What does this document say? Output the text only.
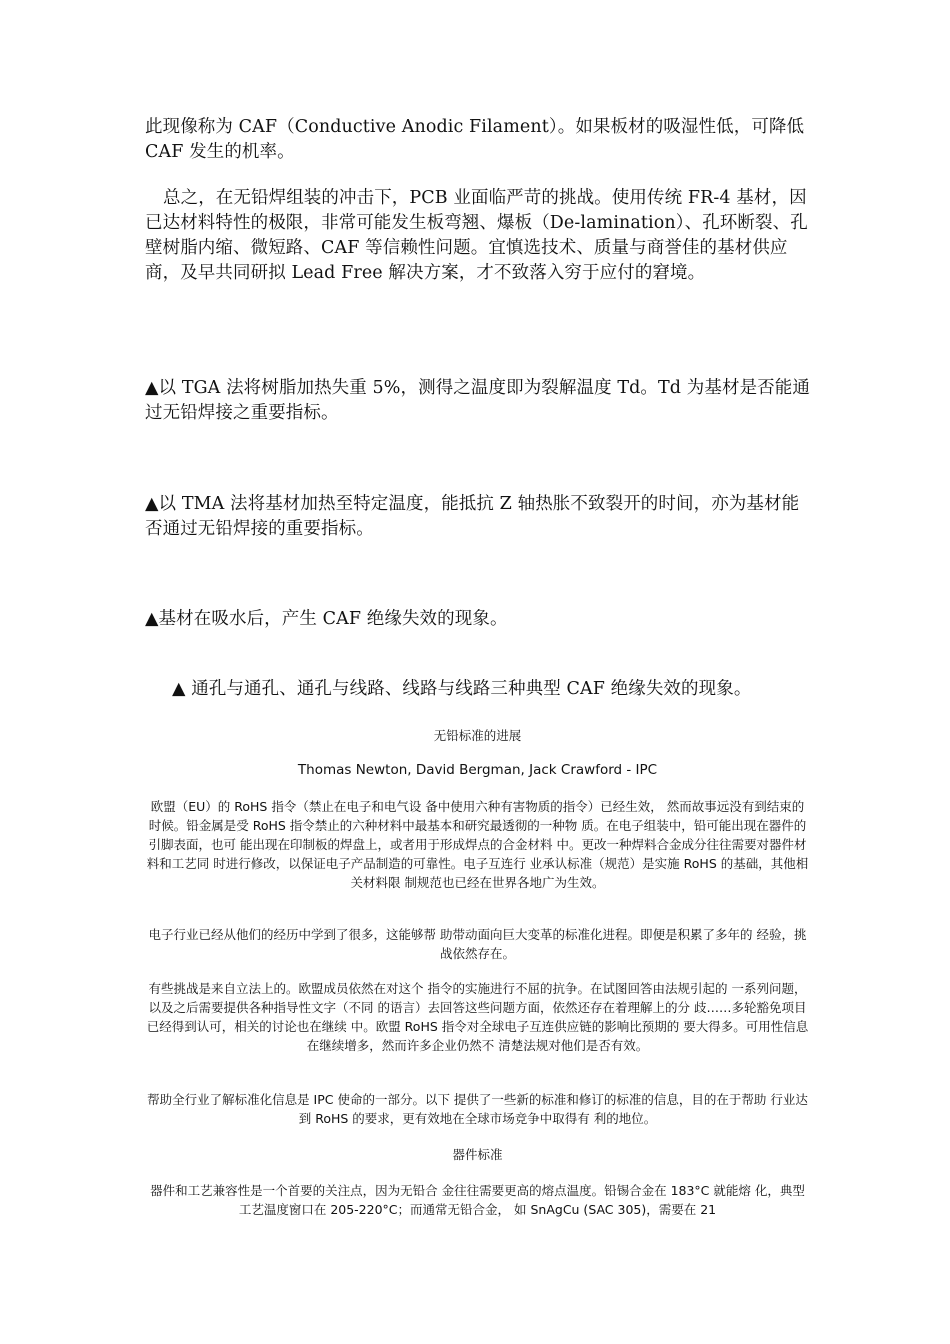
此现像称为 CAF（Conductive Anodic Filament）。如果板材的吸湿性低，可降低 CAF 发生的机率。

总之，在无铅焊组装的冲击下，PCB 业面临严苛的挑战。使用传统 FR-4 基材，因已达材料特性的极限，非常可能发生板弯翘、爆板（De-lamination）、孔环断裂、孔壁树脂内缩、微短路、CAF 等信赖性问题。宜慎选技术、质量与商誉佳的基材供应商，及早共同研拟 Lead Free 解决方案，才不致落入穷于应付的窘境。

▲以 TGA 法将树脂加热失重 5%，测得之温度即为裂解温度 Td。Td 为基材是否能通过无铅焊接之重要指标。

▲以 TMA 法将基材加热至特定温度，能抵抗 Z 轴热胀不致裂开的时间，亦为基材能否通过无铅焊接的重要指标。

▲基材在吸水后，产生 CAF 绝缘失效的现象。

▲ 通孔与通孔、通孔与线路、线路与线路三种典型 CAF 绝缘失效的现象。

无铅标准的进展

Thomas Newton, David Bergman, Jack Crawford - IPC

欧盟（EU）的 RoHS 指令（禁止在电子和电气设 备中使用六种有害物质的指令）已经生效， 然而故事远没有到结束的时候。铅金属是受 RoHS 指令禁止的六种材料中最基本和研究最透彻的一种物 质。在电子组装中，铅可能出现在器件的引脚表面，也可 能出现在印制板的焊盘上，或者用于形成焊点的合金材料 中。更改一种焊料合金成分往往需要对器件材料和工艺同 时进行修改，以保证电子产品制造的可靠性。电子互连行 业承认标准（规范）是实施 RoHS 的基础，其他相关材料限 制规范也已经在世界各地广为生效。

电子行业已经从他们的经历中学到了很多，这能够帮 助带动面向巨大变革的标准化进程。即便是积累了多年的 经验，挑战依然存在。

有些挑战是来自立法上的。欧盟成员依然在对这个 指令的实施进行不屈的抗争。在试图回答由法规引起的 一系列问题，以及之后需要提供各种指导性文字（不同 的语言）去回答这些问题方面，依然还存在着理解上的分 歧……多轮豁免项目已经得到认可，相关的讨论也在继续 中。欧盟 RoHS 指令对全球电子互连供应链的影响比预期的 要大得多。可用性信息在继续增多，然而许多企业仍然不 清楚法规对他们是否有效。

帮助全行业了解标准化信息是 IPC 使命的一部分。以下 提供了一些新的标准和修订的标准的信息，目的在于帮助 行业达到 RoHS 的要求，更有效地在全球市场竞争中取得有 利的地位。

器件标准

器件和工艺兼容性是一个首要的关注点，因为无铅合 金往往需要更高的熔点温度。铅锡合金在 183°C 就能熔 化，典型工艺温度窗口在 205-220°C；而通常无铅合金， 如 SnAgCu (SAC 305)，需要在 21
